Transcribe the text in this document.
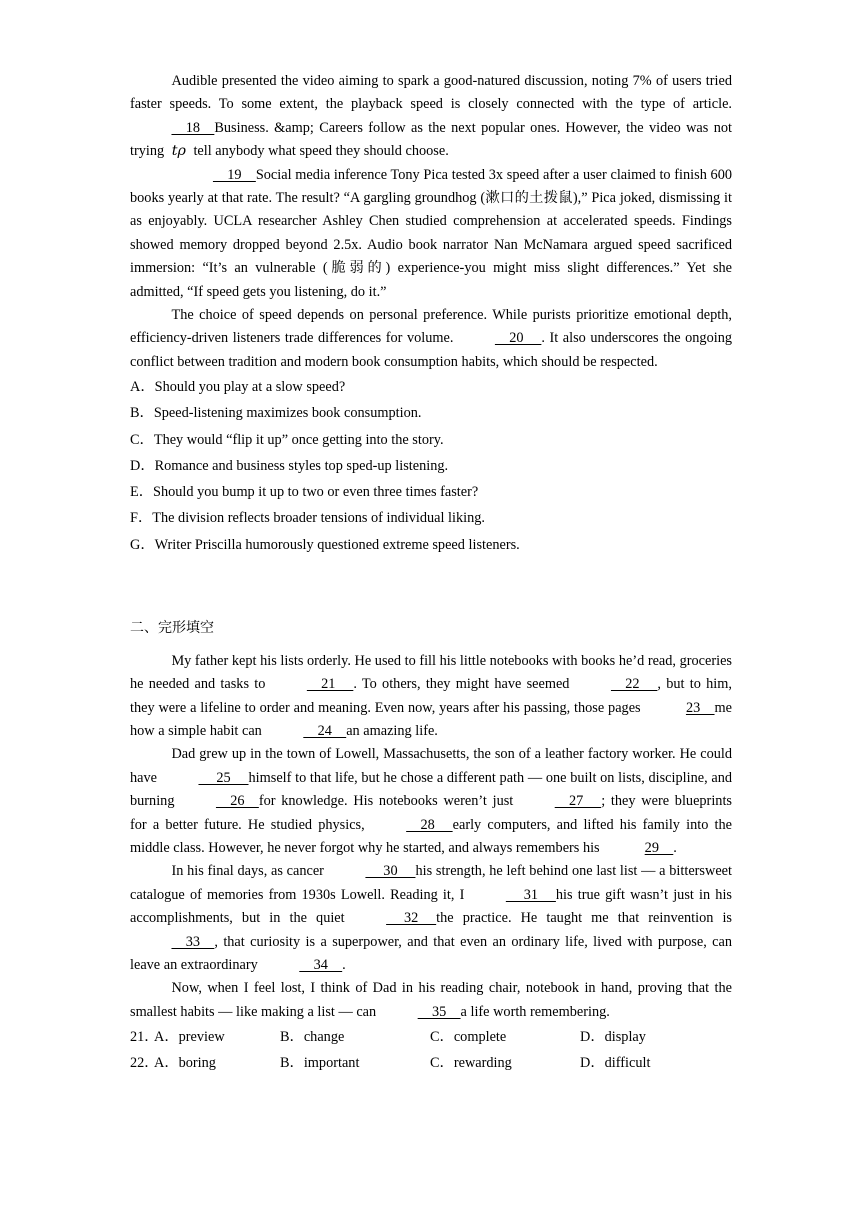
Audible presented the video aiming to spark a good-natured discussion, noting 7% of users tried faster speeds. To some extent, the playback speed is closely connected with the type of article.    18    Business. &amp; Careers follow as the next popular ones. However, the video was not trying tρ tell anybody what speed they should choose.

19    Social media inference Tony Pica tested 3x speed after a user claimed to finish 600 books yearly at that rate. The result? “A gargling groundhog (漱口的土拨鼠),” Pica joked, dismissing it as enjoyably. UCLA researcher Ashley Chen studied comprehension at accelerated speeds. Findings showed memory dropped beyond 2.5x. Audio book narrator Nan McNamara argued speed sacrificed immersion: “It’s an vulnerable (脆弱的) experience-you might miss slight differences.” Yet she admitted, “If speed gets you listening, do it.”

The choice of speed depends on personal preference. While purists prioritize emotional depth, efficiency-driven listeners trade differences for volume.	20     . It also underscores the ongoing conflict between tradition and modern book consumption habits, which should be respected.

A．Should you play at a slow speed?
B．Speed-listening maximizes book consumption.
C．They would “flip it up” once getting into the story.
D．Romance and business styles top sped-up listening.
E．Should you bump it up to two or even three times faster?
F．The division reflects broader tensions of individual liking.
G．Writer Priscilla humorously questioned extreme speed listeners.
二、完形填空

My father kept his lists orderly. He used to fill his little notebooks with books he’d read, groceries he needed and tasks to	21     . To others, they might have seemed	22     , but to him, they were a lifeline to order and meaning. Even now, years after his passing, those pages	23    me how a simple habit can	24    an amazing life.

Dad grew up in the town of Lowell, Massachusetts, the son of a leather factory worker. He could have	25     himself to that life, but he chose a different path — one built on lists, discipline, and burning	26    for knowledge. His notebooks weren’t just	27     ; they were blueprints for a better future. He studied physics,	28     early computers, and lifted his family into the middle class. However, he never forgot why he started, and always remembers his	29    .

In his final days, as cancer	30     his strength, he left behind one last list — a bittersweet catalogue of memories from 1930s Lowell. Reading it, I	31     his true gift wasn’t just in his accomplishments, but in the quiet	32     the practice. He taught me that reinvention is    33    , that curiosity is a superpower, and that even an ordinary life, lived with purpose, can leave an extraordinary	34    .

Now, when I feel lost, I think of Dad in his reading chair, notebook in hand, proving that the smallest habits — like making a list — can	35    a life worth remembering.

21．
A．preview	B．change	C．complete	D．display
22．
A．boring	B．important	C．rewarding	D．difficult
